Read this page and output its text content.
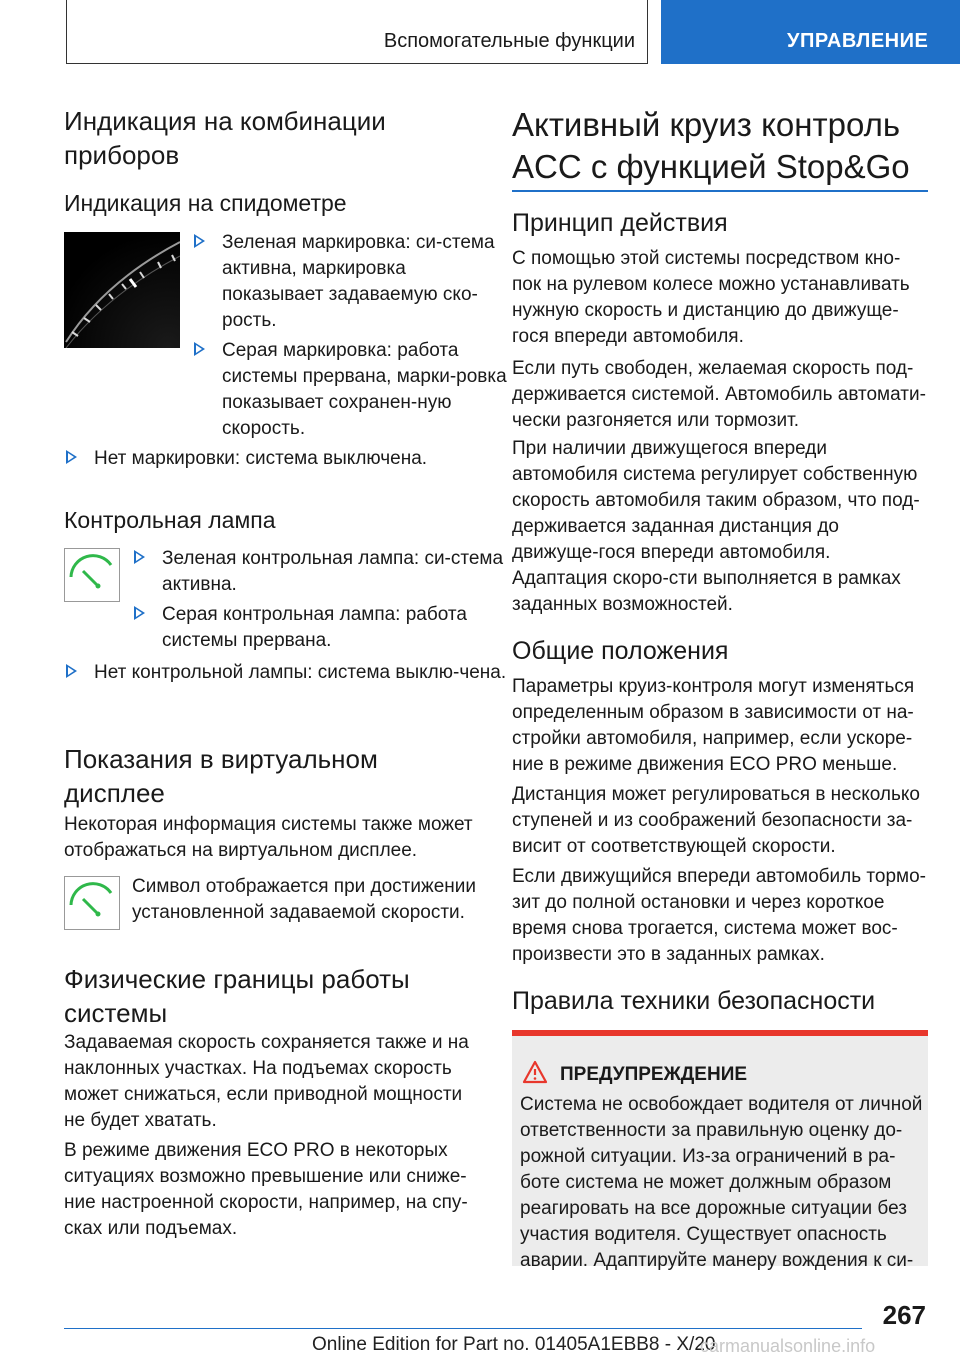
Вспомогательные функции	УПРАВЛЕНИЕ
Индикация на комбинации приборов
Индикация на спидометре
Зеленая маркировка: си-стема активна, маркировка показывает задаваемую ско-рость.
Серая маркировка: работа системы прервана, марки-ровка показывает сохранен-ную скорость.
Нет маркировки: система выключена.
Контрольная лампа
Зеленая контрольная лампа: си-стема активна.
Серая контрольная лампа: работа системы прервана.
Нет контрольной лампы: система выклю-чена.
Показания в виртуальном дисплее

Некоторая информация системы также может отображаться на виртуальном дисплее.

Символ отображается при достижении установленной задаваемой скорости.

Физические границы работы системы

Задаваемая скорость сохраняется также и на наклонных участках. На подъемах скорость может снижаться, если приводной мощности не будет хватать.

В режиме движения ECO PRO в некоторых ситуациях возможно превышение или сниже-ние настроенной скорости, например, на спу-сках или подъемах.

Активный круиз контроль ACC с функцией Stop&Go
Принцип действия

С помощью этой системы посредством кно-пок на рулевом колесе можно устанавливать нужную скорость и дистанцию до движуще-гося впереди автомобиля.

Если путь свободен, желаемая скорость под-держивается системой. Автомобиль автомати-чески разгоняется или тормозит.

При наличии движущегося впереди автомобиля система регулирует собственную скорость автомобиля таким образом, что под-держивается заданная дистанция до движуще-гося впереди автомобиля. Адаптация скоро-сти выполняется в рамках заданных возможностей.

Общие положения

Параметры круиз-контроля могут изменяться определенным образом в зависимости от на-стройки автомобиля, например, если ускоре-ние в режиме движения ECO PRO меньше.

Дистанция может регулироваться в несколько ступеней и из соображений безопасности за-висит от соответствующей скорости.

Если движущийся впереди автомобиль тормо-зит до полной остановки и через короткое время снова трогается, система может вос-произвести это в заданных рамках.

Правила техники безопасности
ПРЕДУПРЕЖДЕНИЕ
Система не освобождает водителя от личной ответственности за правильную оценку до-рожной ситуации. Из-за ограничений в ра-боте система не может должным образом реагировать на все дорожные ситуации без участия водителя. Существует опасность аварии. Адаптируйте манеру вождения к си-
267
Online Edition for Part no. 01405A1EBB8 - X/20
carmanualsonline.info
